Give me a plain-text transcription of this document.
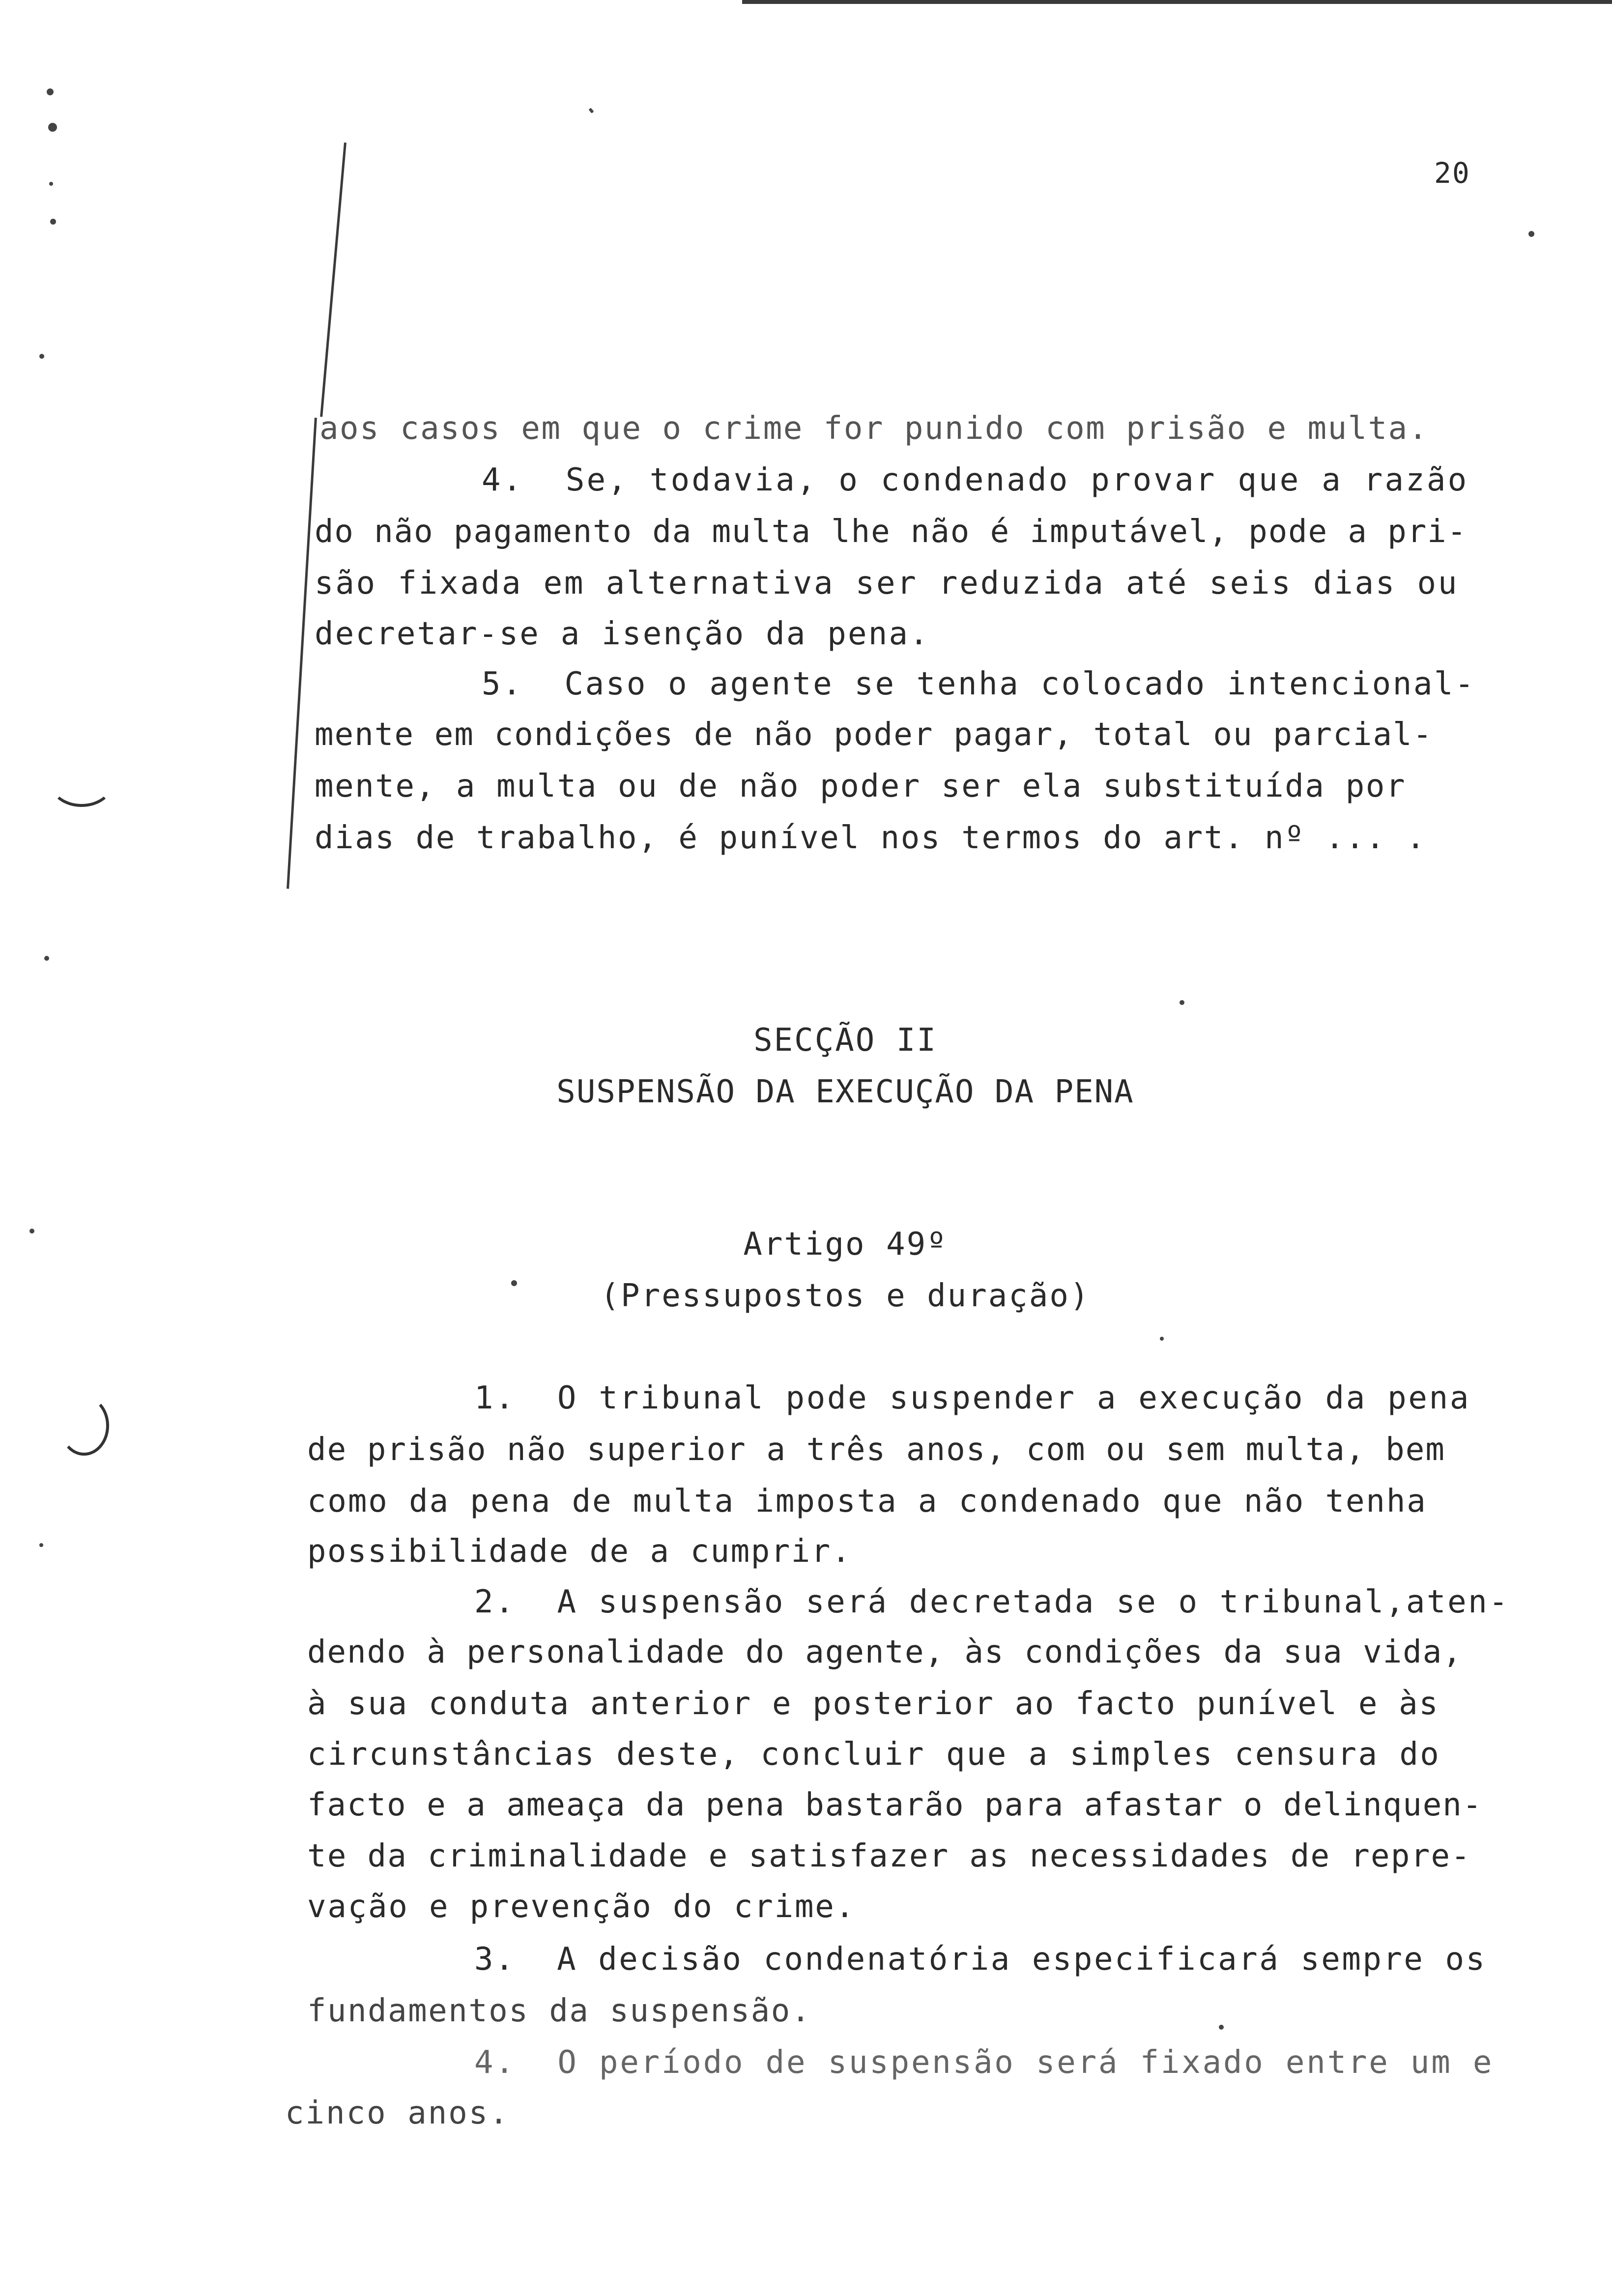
20
aos casos em que o crime for punido com prisão e multa.
4.  Se, todavia, o condenado provar que a razão
do não pagamento da multa lhe não é imputável, pode a pri-
são fixada em alternativa ser reduzida até seis dias ou
decretar-se a isenção da pena.
5.  Caso o agente se tenha colocado intencional-
mente em condições de não poder pagar, total ou parcial-
mente, a multa ou de não poder ser ela substituída por
dias de trabalho, é punível nos termos do art. nº ... .
SECÇÃO II
SUSPENSÃO DA EXECUÇÃO DA PENA
Artigo 49º
(Pressupostos e duração)
1.  O tribunal pode suspender a execução da pena
de prisão não superior a três anos, com ou sem multa, bem
como da pena de multa imposta a condenado que não tenha
possibilidade de a cumprir.
2.  A suspensão será decretada se o tribunal,aten-
dendo à personalidade do agente, às condições da sua vida,
à sua conduta anterior e posterior ao facto punível e às
circunstâncias deste, concluir que a simples censura do
facto e a ameaça da pena bastarão para afastar o delinquen-
te da criminalidade e satisfazer as necessidades de repre-
vação e prevenção do crime.
3.  A decisão condenatória especificará sempre os
fundamentos da suspensão.
4.  O período de suspensão será fixado entre um e
cinco anos.
